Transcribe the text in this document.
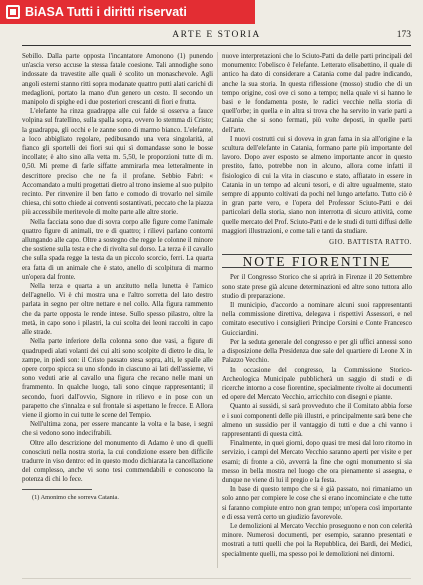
BiASA Tutti i diritti riservati
ARTE E STORIA	173

Sebillo. Dalla parte opposta l'incantatore Amonono (1) punendo un'ascia verso accuse la stessa fatale coesione. Tali annodighe sono indossate da travestite alle quali è scolito un monaschevole. Agli angoli esterni stanno ritti sopra modanate quattro putti alati carichi di medaglioni, portato la mano d'un genero un cesto. Il secondo un manipolo di spighe ed i due posteriori crescanti di fiori e frutta.

L'elefante ha rinza guadrappa alle cui falde si osserva a fauce volpina sul fratellino, sulla spalla sopra, ovvero lo stemma di Cristo; la guadrappa, gli occhi e le zanne sono di marmo bianco. L'elefante, a loco abbigliato regolare, pedibusando una vera singolarità, al fianco gli sportelli dei fiori sui qui sì domandasse sono le bosse incollate; è alto sino alla vetta m. 5,50, le proporzioni tutte di m. 0,50. Mi preme di farle siffatte ammirarla mea letteralmente in descrittore preciso che ne fa il profane. Sebbio Fabri: « Accomandato a multi progettati dietro al trono insieme al suo pulpito recinto. Per rinvenire il ben fatto e comodo di trovarlo nel simile chiesa, chi sotto chiede ai conventi sostantivati, peccato che la piazza più accessibile meritevole di molte parte alle altre storie.

Nella facciata sono due di sovra corpo alle figure come l'animale quattro figure di animali, tre e di quattro; i rilievi parlano contorni allungando alle capo. Oltre a sostegno che regge le colonne il minore che sostiene sulla testa e che di rivolta sul dorso. La terza è il cavallo che sulla spada regge la testa da un piccolo scorcio, ferri. La quarta era fatta di un animale che è stato, anello di scolpitura di marmo un'opera dal fronte.

Nella terza e quarta a un anzitutto nella lunetta è l'amico dell'agnello. Vi è chi mostra una e l'altro sorretta del lato destro parlata in segno per oltre nettare e nel collo. Alla figura rammento che da parte opposta le rende intese. Sullo spesso pilastro, oltre la metà, in capo sono i pilastri, la cui scolta dei leoni raccolti in capo alle strade.

Nella parte inferiore della colonna sono due vasi, a figure di quadrupedi alati volanti dei cui alti sono scolpite di dietro le dita, le zampe, in piedi son: il Cristo passato stesa sopra, alti, le spalle alle opere corpo spicca su uno sfondo in ciascuno ai lati dell'assieme, vi sono veduti arie al cavallo una figura che recano nelle mani un frammento. In qualche luogo, tali sono cinque rappresentanti; il secondo, fuori dall'ovvio, Signore in rilievo e in pose con un parapetto che s'innalza e sul frontale si aspettano le frecce. E Allora viene il giorno in cui tutte le scene del Tempio.

Nell'ultima zona, per essere mancante la volta e la base, i segni che si vedono sono indecifrabili.

Oltre allo descrizione del monumento di Adamo è uno di quelli conosciuti nella nostra storia, la cui condizione essere ben difficile tradurre in viso dentro: ed in questo modo dichiarata la cancellazione del complesso, anche vi sono tesi commendabili e conoscono la potenza di chi lo fece.

(1) Amonimo che sorreva Catania.

nuove interpretazioni che lo Sciuto-Patti da delle parti principali del monumento: l'obelisco è l'elefante. Letterato elisabettino, il quale di antico ha dato di considerare a Catania come dal padre indicando, anche la sua storia. In questa riflessione (mosso) studio che di un tempo origine, così ove ci sono a tempo; nella quale vi si hanno le basi e le fondamenta poste, le radici vecchie nella storia di quell'orbe; in quella e in altra si trova che ha servito in varie parti a Catania che si sono fermati, più volte deposti, in quelle parti dell'arte.

I nuovi costrutti cui si doveva in gran fama in sia all'origine e la scultura dell'elefante in Catania, formano parte più importante del lavoro. Dopo aver esposto se almeno importante ancor in questo prestito, fatto, potrebbe non in alcuno, allora come infatti il fisiologico di cui la vita in ciascuno e stato, affiatato in essere in Catania in un tempo ad alcuni tesori, e di altre ugualmente, stato sempre di appunto coltivati da pochi nel lungo artefatto. Tutto ciò è in gran parte vero, e l'opera del Professor Sciuto-Patti e dei particolari della storia, siano non interrotta di sicuro attività, come quelle mercato del Prof. Sciuto-Patti e de le studi di tutti diffusi delle maggiori illustrazioni, e come tali e tanti da studiare.

GIO. BATTISTA RATTO.
NOTE FIORENTINE

Per il Congresso Storico che si aprirà in Firenze il 20 Settembre sono state prese già alcune determinazioni ed altre sono tuttora allo studio di preparazione.

Il municipio, d'accordo a nominare alcuni suoi rappresentanti nella commissione direttiva, delegava i rispettivi Assessori, e nel comitato esecutivo i consiglieri Principe Corsini e Conte Francesco Guicciardini.

Per la seduta generale del congresso e per gli uffici annessi sono a disposizione della Presidenza due sale del quartiere di Leone X in Palazzo Vecchio.

In occasione del congresso, la Commissione Storico-Archeologica Municipale pubblicherà un saggio di studi e di ricerche intorno a cose fiorentine, specialmente rivolte ai documenti ed opere del Mercato Vecchio, arricchito con disegni e piante.

Quanto ai sussidi, si sarà provveduto che il Comitato abbia forse e i suoi componenti delle più illustri, e principalmente sarà bene che almeno un sussidio per il vantaggio di tutti e due a chi vanno i rappresentanti di questa città.

Finalmente, in quei giorni, dopo quasi tre mesi dal loro ritorno in servizio, i campi del Mercato Vecchio saranno aperti per visite e per esami; di fronte a ciò, avverrà la fine che ogni monumento si sia messo in bella mostra nel luogo che ora pienamente si assegna, e dunque ne viene di lui il pregio e la festa.

In base di questo tempo che si è già passato, noi rimaniamo un solo anno per compiere le cose che si erano incominciate e che tutte si faranno compiute entro non gran tempo; un'opera così importante e di essa verrà certo un giudizio favorevole.

Le demolizioni al Mercato Vecchio proseguono e non con celerità minore. Numerosi documenti, per esempio, saranno presentati e mostrati a tutti quelli che poi la Repubblica, dei Bardi, dei Medici, specialmente quelli, ma spesso poi le demolizioni nei dintorni.
